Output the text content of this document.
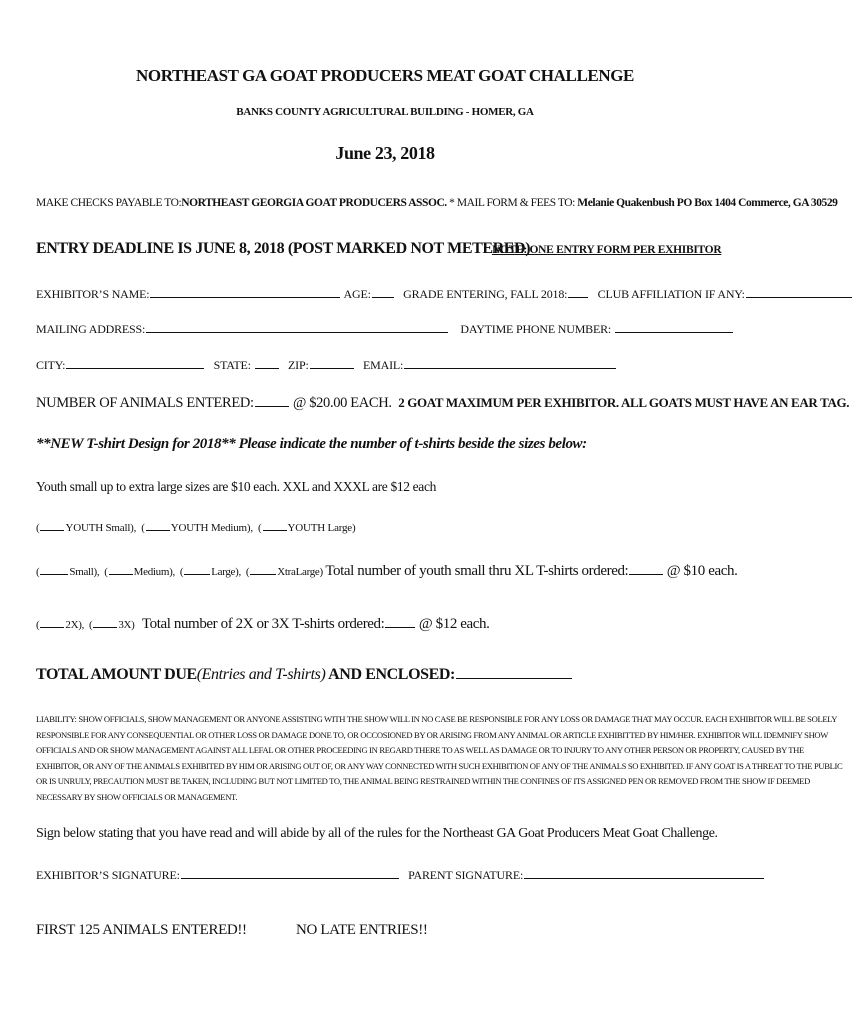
NORTHEAST GA GOAT PRODUCERS MEAT GOAT CHALLENGE
BANKS COUNTY AGRICULTURAL BUILDING - HOMER, GA
June 23, 2018
MAKE CHECKS PAYABLE TO:NORTHEAST GEORGIA GOAT PRODUCERS ASSOC. * MAIL FORM & FEES TO: Melanie Quakenbush PO Box 1404 Commerce, GA 30529
ENTRY DEADLINE IS JUNE 8, 2018 (POST MARKED NOT METERED)
NOTE: ONE ENTRY FORM PER EXHIBITOR
EXHIBITOR’S NAME:	AGE:	GRADE ENTERING, FALL 2018:	CLUB AFFILIATION IF ANY:
MAILING ADDRESS:	DAYTIME PHONE NUMBER:
CITY:	STATE:	ZIP:	EMAIL:
NUMBER OF ANIMALS ENTERED:	@ $20.00 EACH. 2 GOAT MAXIMUM PER EXHIBITOR. ALL GOATS MUST HAVE AN EAR TAG.
**NEW T-shirt Design for 2018** Please indicate the number of t-shirts beside the sizes below:
Youth small up to extra large sizes are $10 each. XXL and XXXL are $12 each
( YOUTH Small),  ( YOUTH Medium),  ( YOUTH Large)
(	Small),  ( Medium),  (	Large),  (	XtraLarge) Total number of youth small thru XL T-shirts ordered:	@ $10 each.
( 2X),  ( 3X) Total number of 2X or 3X T-shirts ordered: @ $12 each.
TOTAL AMOUNT DUE(Entries and T-shirts) AND ENCLOSED:
LIABILITY: SHOW OFFICIALS, SHOW MANAGEMENT OR ANYONE ASSISTING WITH THE SHOW WILL IN NO CASE BE RESPONSIBLE FOR ANY LOSS OR DAMAGE THAT MAY OCCUR. EACH EXHIBITOR WILL BE SOLELY
RESPONSIBLE FOR ANY CONSEQUENTIAL OR OTHER LOSS OR DAMAGE DONE TO, OR OCCOSIONED BY OR ARISING FROM ANY ANIMAL OR ARTICLE EXHIBITTED BY HIM/HER. EXHIBITOR WILL IDEMNIFY SHOW
OFFICIALS AND OR SHOW MANAGEMENT AGAINST ALL LEFAL OR OTHER PROCEEDING IN REGARD THERE TO AS WELL AS DAMAGE OR TO INJURY TO ANY OTHER PERSON OR PROPERTY, CAUSED BY THE
EXHIBITOR, OR ANY OF THE ANIMALS EXHIBITED BY HIM OR ARISING OUT OF, OR ANY WAY CONNECTED WITH SUCH EXHIBITION OF ANY OF THE ANIMALS SO EXHIBITED. IF ANY GOAT IS A THREAT TO THE PUBLIC
OR IS UNRULY, PRECAUTION MUST BE TAKEN, INCLUDING BUT NOT LIMITED TO, THE ANIMAL BEING RESTRAINED WITHIN THE CONFINES OF ITS ASSIGNED PEN OR REMOVED FROM THE SHOW IF DEEMED
NECESSARY BY SHOW OFFICIALS OR MANAGEMENT.
Sign below stating that you have read and will abide by all of the rules for the Northeast GA Goat Producers Meat Goat Challenge.
EXHIBITOR’S SIGNATURE:	PARENT SIGNATURE:
FIRST 125 ANIMALS ENTERED!!	NO LATE ENTRIES!!
